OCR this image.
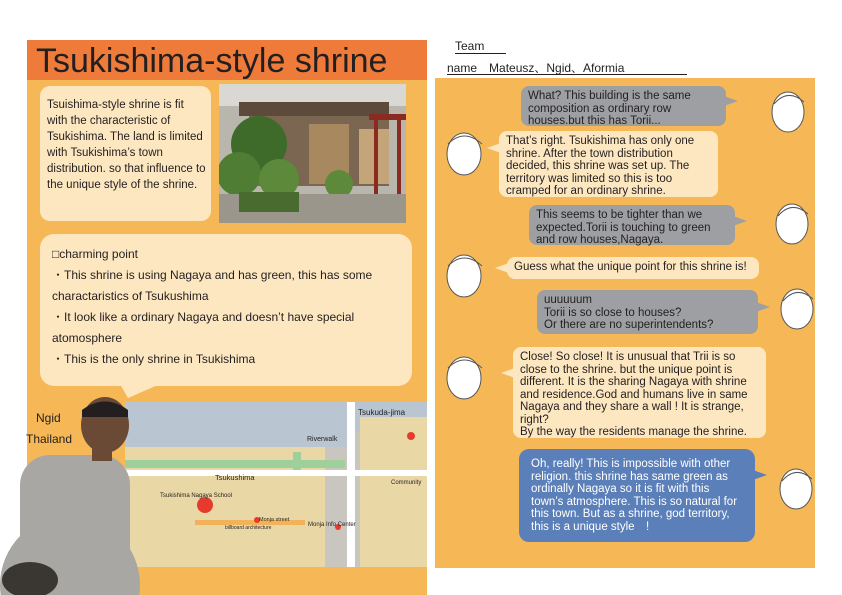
Tsukishima-style shrine
Tsuishima-style shrine is fit with the characteristic of Tsukishima. The land is limited with Tsukishima’s town distribution. so that influence to the unique style of the shrine.
□charming point
・This shrine is using Nagaya and has green, this has some charactaristics of Tsukushima
・It look like a ordinary Nagaya and doesn’t have special atomosphere
・This is the only shrine in Tsukishima
Tsukuda-jima
Riverwalk
Tsukushima
Tsukishima Nagaya School
Monja street
billboard architecture	Monja Info Center
Community
Ngid
Thailand
Team
name　Mateusz、Ngid、Aformia
What? This building is the same composition as ordinary row houses.but this has Torii...
That’s right. Tsukishima has only one shrine. After the town distribution decided, this shrine was set up. The territory was limited so this is too cramped for an ordinary shrine.
This seems to be tighter than we expected.Torii is touching to green and row houses,Nagaya.
Guess what the unique point for this shrine is!
uuuuuum
Torii is so close to houses?
Or there are no superintendents?
Close! So close! It is unusual that Trii is so close to the shrine. but the unique point is different. It is the sharing Nagaya with shrine and residence.God and humans live in same Nagaya and they share a wall ! It is strange, right?
By the way the residents manage the shrine.
Oh, really! This is impossible with other religion. this shrine has same green as ordinally Nagaya so it is fit with this town’s atmosphere. This is so natural for this town. But as a shrine, god territory, this is a unique style　!
